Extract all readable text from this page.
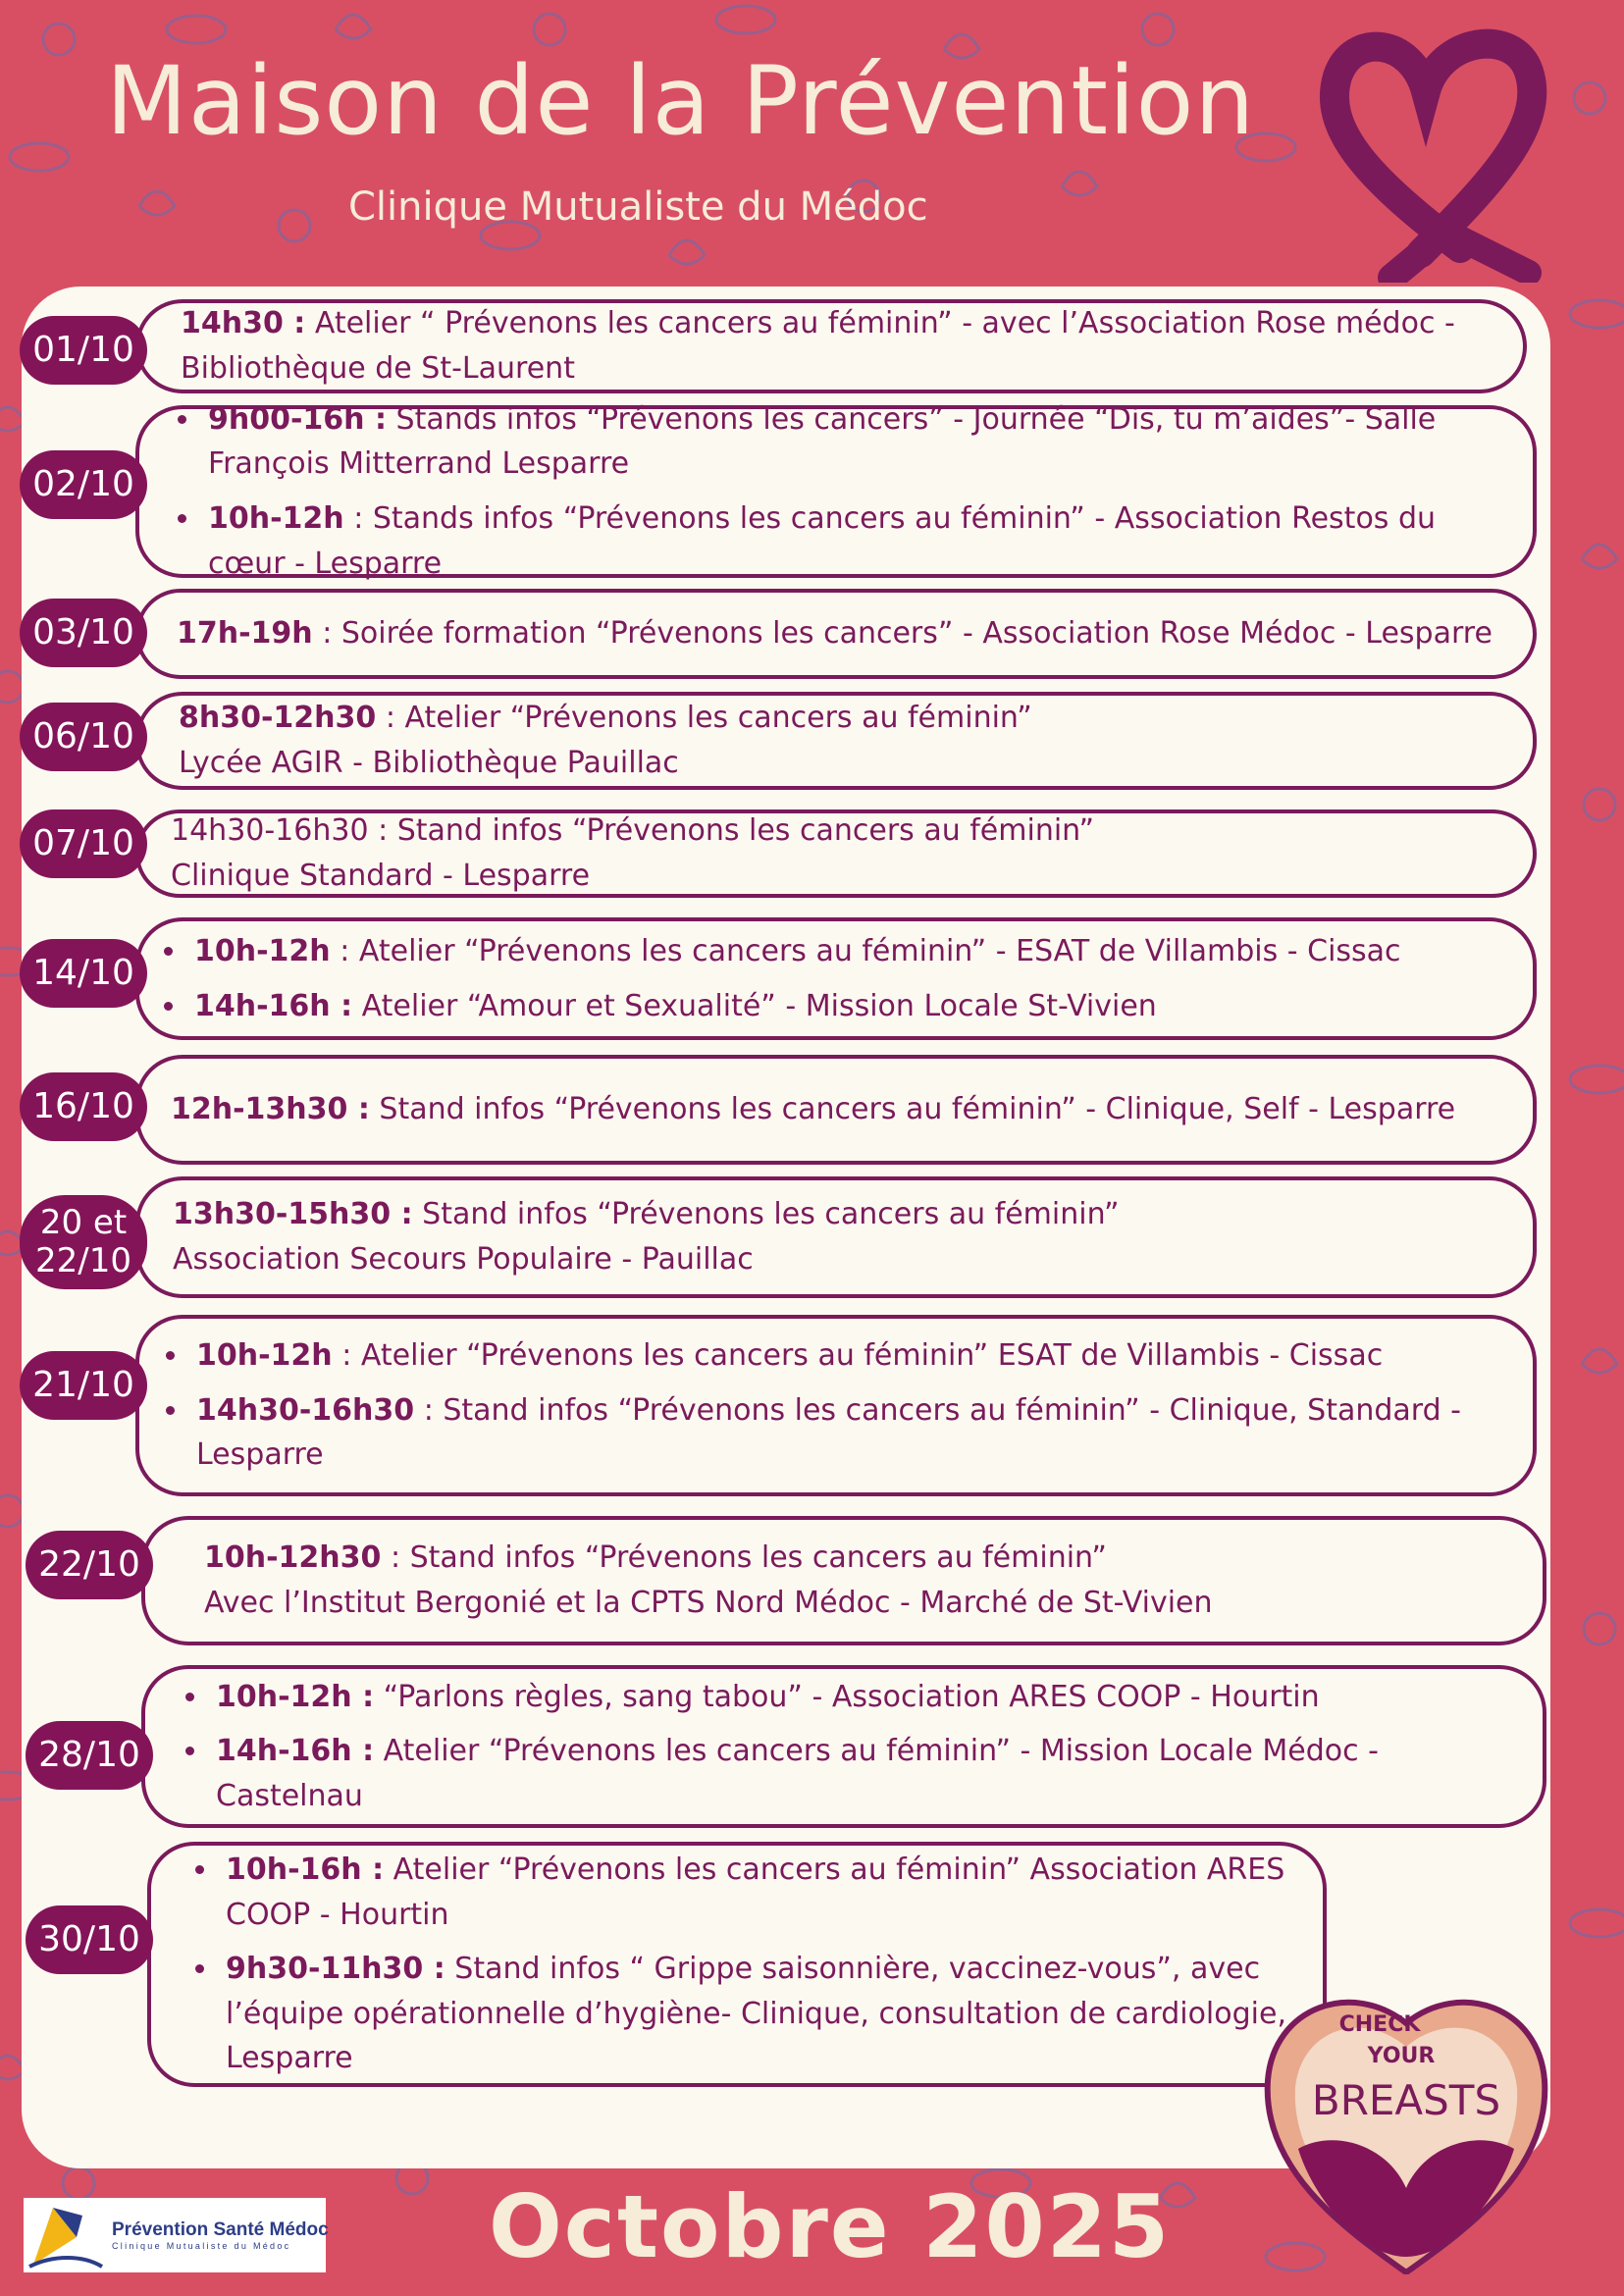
Maison de la Prévention
Clinique Mutualiste du Médoc

14h30 : Atelier “ Prévenons les cancers au féminin” - avec l’Association Rose médoc - Bibliothèque de St-Laurent

01/10
• 9h00-16h : Stands infos “Prévenons les cancers” - Journée “Dis, tu m’aides”- Salle François Mitterrand Lesparre
• 10h-12h : Stands infos “Prévenons les cancers au féminin” - Association Restos du cœur - Lesparre
02/10

17h-19h : Soirée formation “Prévenons les cancers” - Association Rose Médoc - Lesparre

03/10

8h30-12h30 : Atelier “Prévenons les cancers au féminin”

Lycée AGIR - Bibliothèque Pauillac

06/10

14h30-16h30 : Stand infos “Prévenons les cancers au féminin”

Clinique Standard - Lesparre

07/10
• 10h-12h : Atelier “Prévenons les cancers au féminin” - ESAT de Villambis - Cissac
• 14h-16h : Atelier “Amour et Sexualité” - Mission Locale St-Vivien
14/10

12h-13h30 : Stand infos “Prévenons les cancers au féminin” - Clinique, Self - Lesparre

16/10

13h30-15h30 : Stand infos “Prévenons les cancers au féminin”

Association Secours Populaire - Pauillac

20 et
22/10
• 10h-12h : Atelier “Prévenons les cancers au féminin” ESAT de Villambis - Cissac
• 14h30-16h30 : Stand infos “Prévenons les cancers au féminin” - Clinique, Standard - Lesparre
21/10

10h-12h30 : Stand infos “Prévenons les cancers au féminin”

Avec l’Institut Bergonié et la CPTS Nord Médoc - Marché de St-Vivien

22/10
• 10h-12h : “Parlons règles, sang tabou” - Association ARES COOP - Hourtin
• 14h-16h : Atelier “Prévenons les cancers au féminin” - Mission Locale Médoc - Castelnau
28/10
• 10h-16h : Atelier “Prévenons les cancers au féminin” Association ARES COOP - Hourtin
• 9h30-11h30 : Stand infos “ Grippe saisonnière, vaccinez-vous”, avec l’équipe opérationnelle d’hygiène- Clinique, consultation de cardiologie, Lesparre
30/10
CHECK
YOUR
BREASTS
Prévention Santé Médoc
Clinique Mutualiste du Médoc	Octobre 2025
